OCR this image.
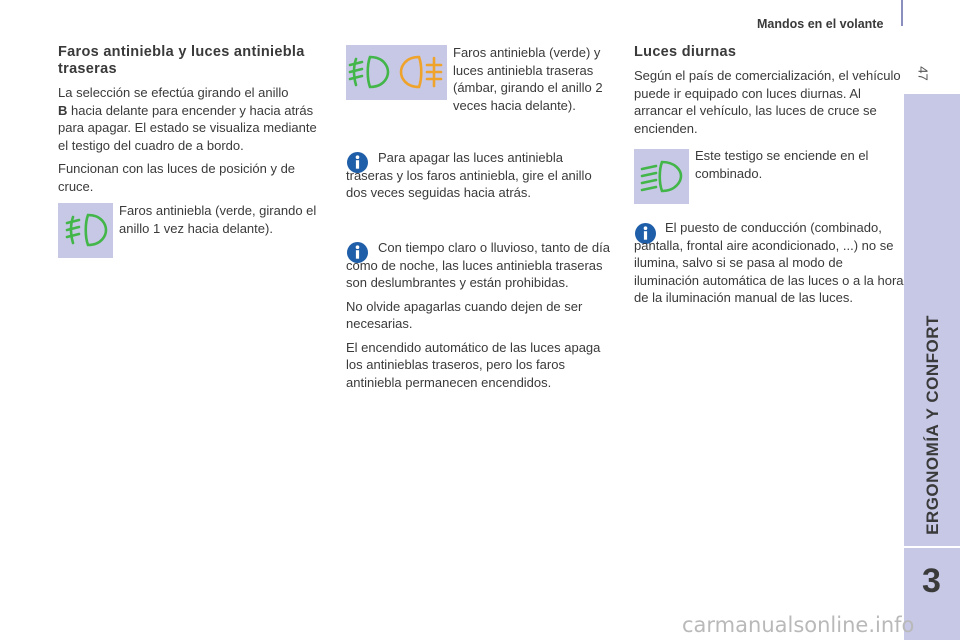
Mandos en el volante
47
ERGONOMÍA Y CONFORT
3
Faros antiniebla y luces antiniebla traseras

La selección se efectúa girando el anillo
B hacia delante para encender y hacia atrás para apagar. El estado se visualiza mediante el testigo del cuadro de a bordo.

Funcionan con las luces de posición y de cruce.

Faros antiniebla (verde, girando el anillo 1 vez hacia delante).
Faros antiniebla (verde) y luces antiniebla traseras (ámbar, girando el anillo 2 veces hacia delante).
Para apagar las luces antiniebla traseras y los faros antiniebla, gire el anillo dos veces seguidas hacia atrás.

Con tiempo claro o lluvioso, tanto de día como de noche, las luces antiniebla traseras son deslumbrantes y están prohibidas.

No olvide apagarlas cuando dejen de ser necesarias.

El encendido automático de las luces apaga los antinieblas traseros, pero los faros antiniebla permanecen encendidos.

Luces diurnas
Según el país de comercialización, el vehículo puede ir equipado con luces diurnas. Al arrancar el vehículo, las luces de cruce se encienden.
Este testigo se enciende en el combinado.
El puesto de conducción (combinado, pantalla, frontal aire acondicionado, ...) no se ilumina, salvo si se pasa al modo de iluminación automática de las luces o a la hora de la iluminación manual de las luces.
carmanualsonline.info
